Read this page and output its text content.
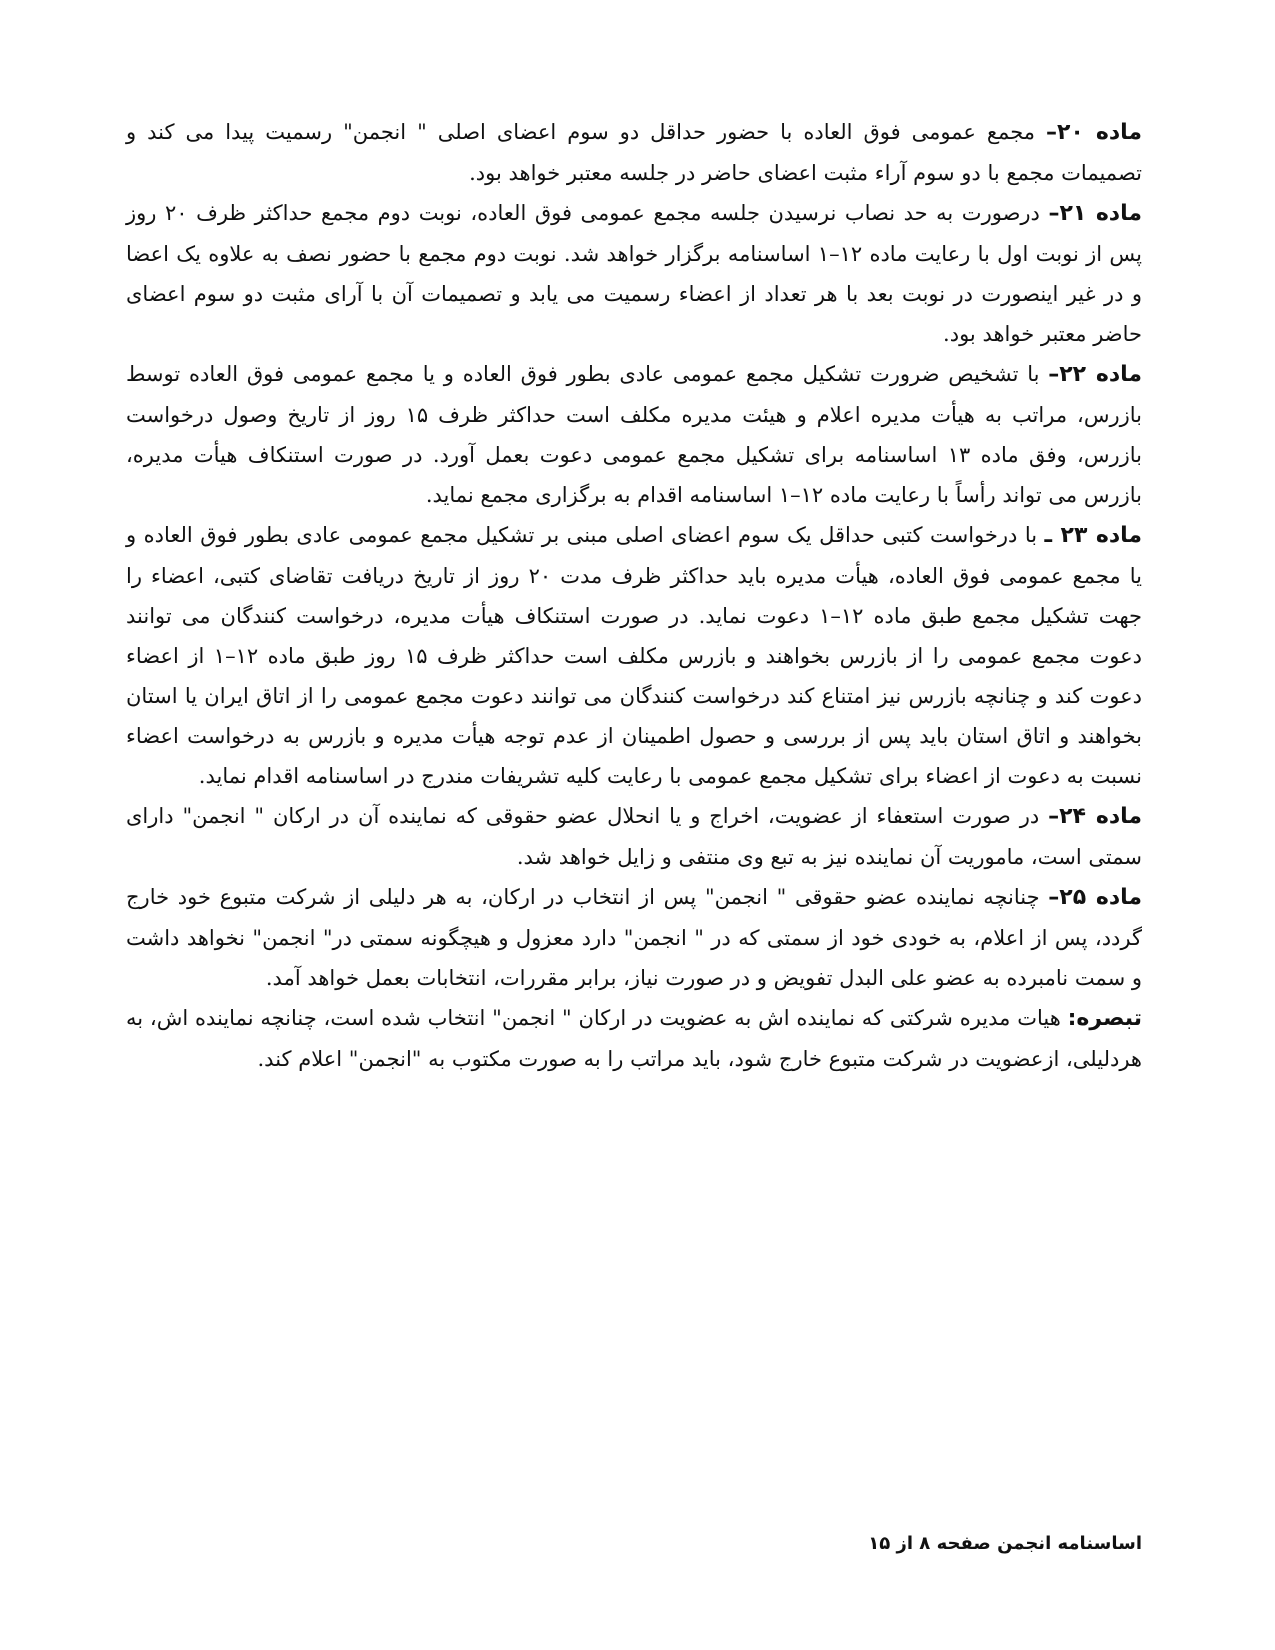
ماده ۲۰– مجمع عمومی فوق العاده با حضور حداقل دو سوم اعضای اصلی " انجمن" رسمیت پیدا می کند و تصمیمات مجمع با دو سوم آراء مثبت اعضای حاضر در جلسه معتبر خواهد بود.

ماده ۲۱– درصورت به حد نصاب نرسیدن جلسه مجمع عمومی فوق العاده، نوبت دوم مجمع حداکثر ظرف ۲۰ روز پس از نوبت اول با رعایت ماده ۱۲–۱ اساسنامه برگزار خواهد شد. نوبت دوم مجمع با حضور نصف به علاوه یک اعضا و در غیر اینصورت در نوبت بعد با هر تعداد از اعضاء رسمیت می یابد و تصمیمات آن با آرای مثبت دو سوم اعضای حاضر معتبر خواهد بود.

ماده ۲۲– با تشخیص ضرورت تشکیل مجمع عمومی عادی بطور فوق العاده و یا مجمع عمومی فوق العاده توسط بازرس، مراتب به هیأت مدیره اعلام و هیئت مدیره مکلف است حداکثر ظرف ۱۵ روز از تاریخ وصول درخواست بازرس، وفق ماده ۱۳ اساسنامه برای تشکیل مجمع عمومی دعوت بعمل آورد. در صورت استنکاف هیأت مدیره، بازرس می تواند رأساً با رعایت ماده ۱۲–۱ اساسنامه اقدام به برگزاری مجمع نماید.

ماده ۲۳ ـ با درخواست کتبی حداقل یک سوم اعضای اصلی مبنی بر تشکیل مجمع عمومی عادی بطور فوق العاده و یا مجمع عمومی فوق العاده، هیأت مدیره باید حداکثر ظرف مدت ۲۰ روز از تاریخ دریافت تقاضای کتبی، اعضاء را جهت تشکیل مجمع طبق ماده ۱۲–۱ دعوت نماید. در صورت استنکاف هیأت مدیره، درخواست کنندگان می توانند دعوت مجمع عمومی را از بازرس بخواهند و بازرس مکلف است حداکثر ظرف ۱۵ روز طبق ماده ۱۲–۱ از اعضاء دعوت کند و چنانچه بازرس نیز امتناع کند درخواست کنندگان می توانند دعوت مجمع عمومی را از اتاق ایران یا استان بخواهند و اتاق استان باید پس از بررسی و حصول اطمینان از عدم توجه هیأت مدیره و بازرس به درخواست اعضاء نسبت به دعوت از اعضاء برای تشکیل مجمع عمومی با رعایت کلیه تشریفات مندرج در اساسنامه اقدام نماید.

ماده ۲۴– در صورت استعفاء از عضویت، اخراج و یا انحلال عضو حقوقی که نماینده آن در ارکان " انجمن" دارای سمتی است، ماموریت آن نماینده نیز به تبع وی منتفی و زایل خواهد شد.

ماده ۲۵– چنانچه نماینده عضو حقوقی " انجمن" پس از انتخاب در ارکان، به هر دلیلی از شرکت متبوع خود خارج گردد، پس از اعلام، به خودی خود از سمتی که در " انجمن" دارد معزول و هیچگونه سمتی در" انجمن" نخواهد داشت و سمت نامبرده به عضو علی البدل تفویض و در صورت نیاز، برابر مقررات، انتخابات بعمل خواهد آمد.

تبصره: هیات مدیره شرکتی که نماینده اش به عضویت در ارکان " انجمن" انتخاب شده است، چنانچه نماینده اش، به هردلیلی، ازعضویت در شرکت متبوع خارج شود، باید مراتب را به صورت مکتوب به "انجمن" اعلام کند.

اساسنامه انجمن صفحه ۸ از ۱۵
